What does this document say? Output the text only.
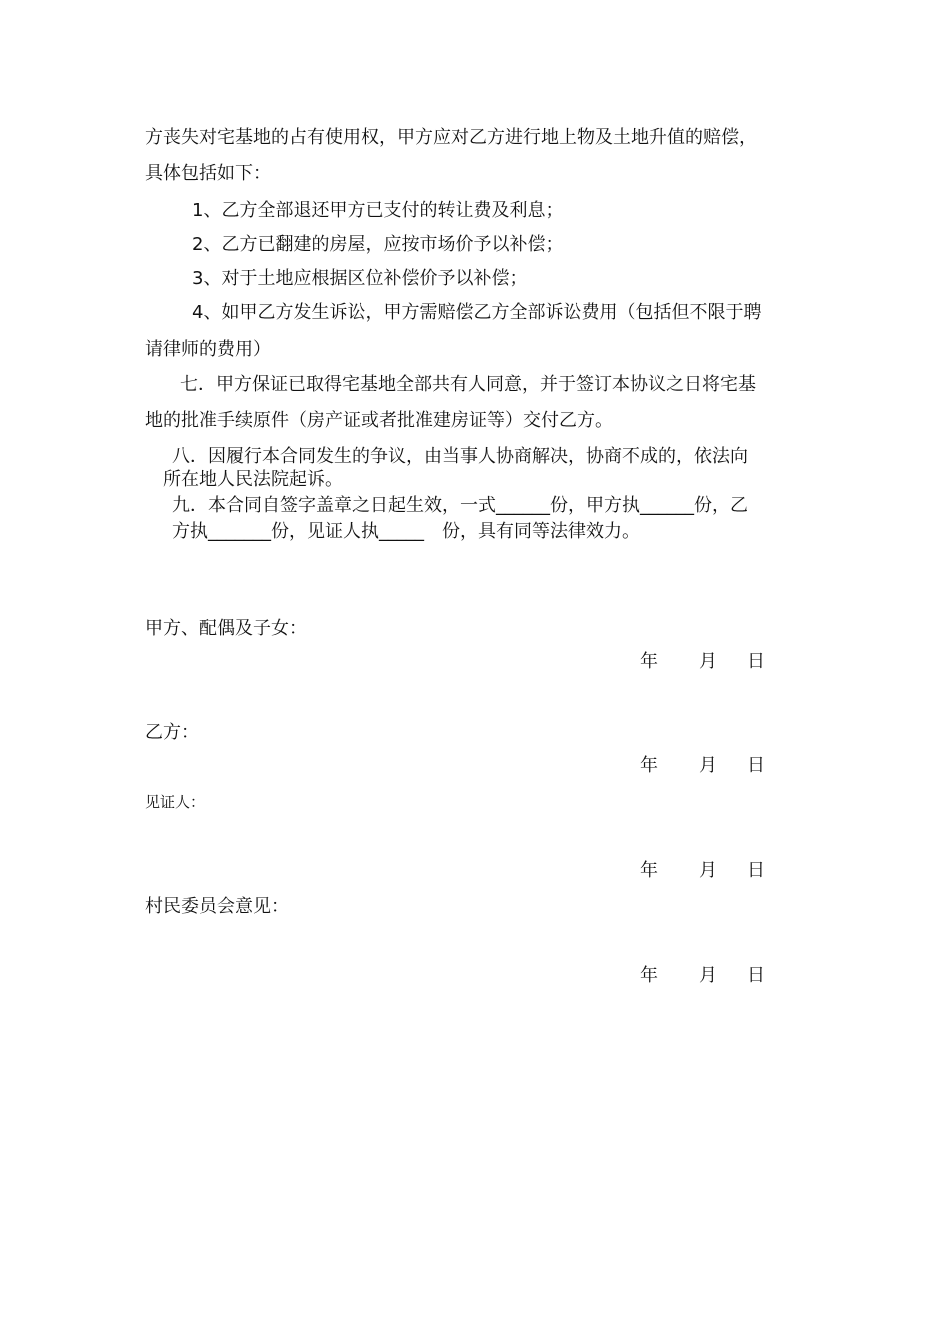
方丧失对宅基地的占有使用权，甲方应对乙方进行地上物及土地升值的赔偿，
具体包括如下：
1、乙方全部退还甲方已支付的转让费及利息；
2、乙方已翻建的房屋，应按市场价予以补偿；
3、对于土地应根据区位补偿价予以补偿；
4、如甲乙方发生诉讼，甲方需赔偿乙方全部诉讼费用（包括但不限于聘
请律师的费用）
七．甲方保证已取得宅基地全部共有人同意，并于签订本协议之日将宅基
地的批准手续原件（房产证或者批准建房证等）交付乙方。
八．因履行本合同发生的争议，由当事人协商解决，协商不成的，依法向
所在地人民法院起诉。
九．本合同自签字盖章之日起生效，一式______份，甲方执______份，乙
方执_______份，见证人执_____　份，具有同等法律效力。
甲方、配偶及子女：
年 月 日
乙方：
年 月 日
见证人：
年 月 日
村民委员会意见：
年 月 日
